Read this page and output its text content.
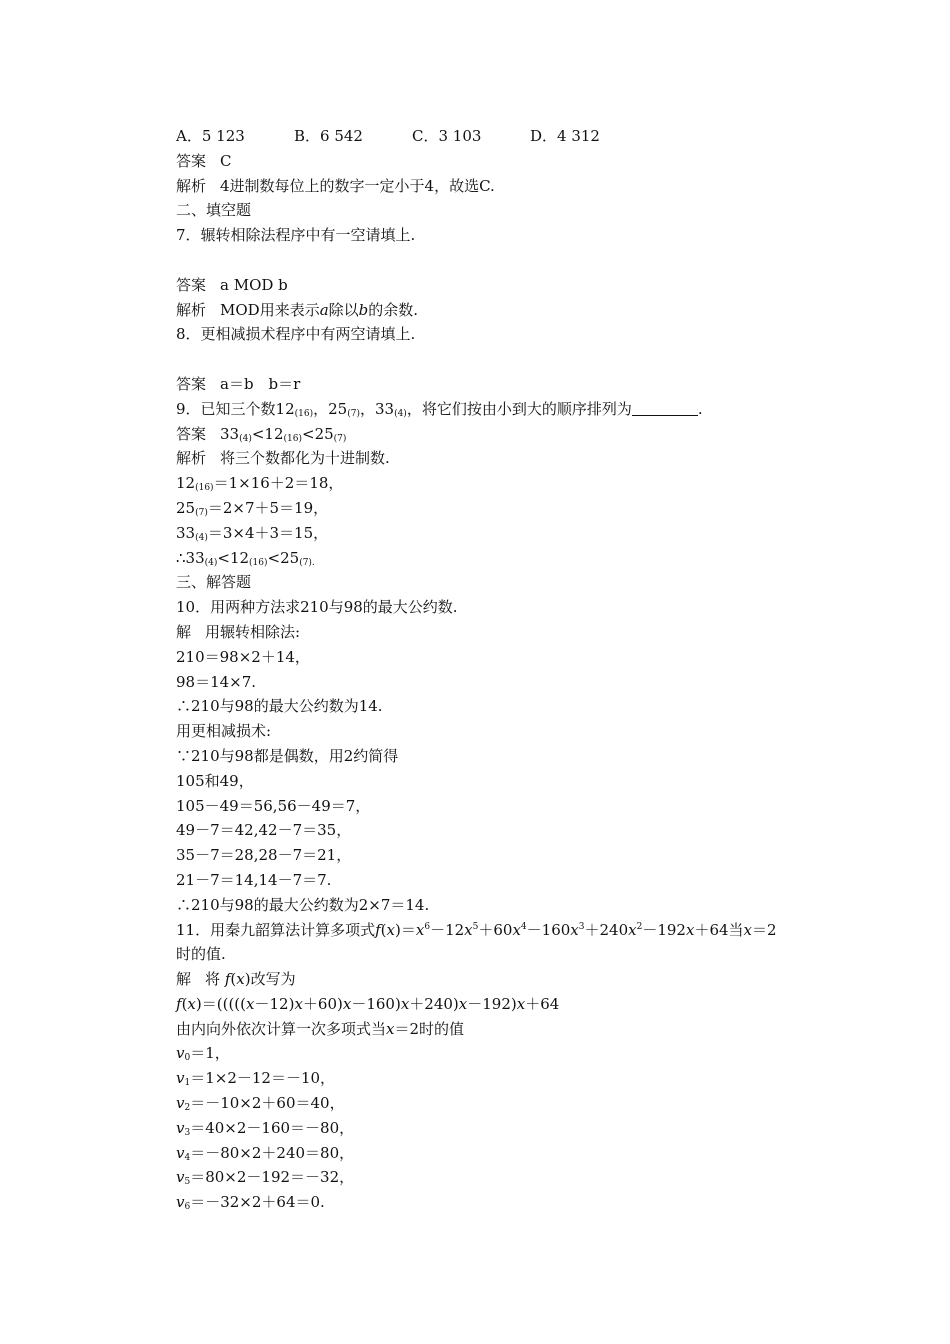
A．5 123	B．6 542	C．3 103	D．4 312
答案 C
解析 4进制数每位上的数字一定小于4，故选C.
二、填空题
7．辗转相除法程序中有一空请填上.
答案 a MOD b
解析 MOD用来表示a除以b的余数.
8．更相减损术程序中有两空请填上.
答案 a＝b　b＝r
9．已知三个数$12_{(16)}$，$25_{(7)}$，$33_{(4)}$，将它们按由小到大的顺序排列为	.
答案 $33_{(4)}<12_{(16)}<25_{(7)}$
解析 将三个数都化为十进制数.
$12_{(16)}=1\times 16+2=18$，
$25_{(7)}=2\times 7+5=19$，
$33_{(4)}=3\times 4+3=15$，
$\therefore 33_{(4)}<12_{(16)}<25_{(7).}$
三、解答题
10．用两种方法求210与98的最大公约数.
解 用辗转相除法:
210＝98×2＋14，
98＝14×7.
∴210与98的最大公约数为14.
用更相减损术:
∵210与98都是偶数，用2约简得
105和49，
105－49＝56,56－49＝7，
49－7＝42,42－7＝35，
35－7＝28,28－7＝21，
21－7＝14,14－7＝7.
∴210与98的最大公约数为2×7＝14.
11．用秦九韶算法计算多项式$f(x)=x^6-12x^5+60x^4-160x^3+240x^2-192x+64$当x＝2
时的值.
解 将 f(x)改写为
f(x)＝(((((x－12)x＋60)x－160)x＋240)x－192)x＋64
由内向外依次计算一次多项式当x＝2时的值
$v_0=1$，
$v_1=1\times 2-12=-10$，
$v_2=-10\times 2+60=40$，
$v_3=40\times 2-160=-80$，
$v_4=-80\times 2+240=80$，
$v_5=80\times 2-192=-32$，
$v_6=-32\times 2+64=0$.
